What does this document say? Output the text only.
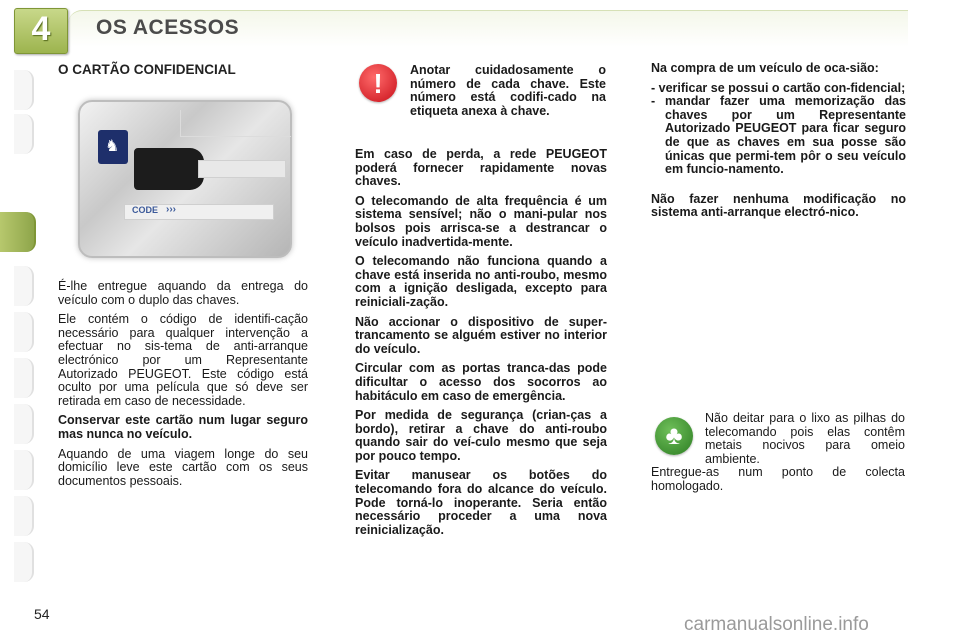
4	OS ACESSOS
O CARTÃO CONFIDENCIAL
♞
CODE ›››

É-lhe entregue aquando da entrega do veículo com o duplo das chaves.

Ele contém o código de identifi-cação necessário para qualquer intervenção a efectuar no sis-tema de anti-arranque electrónico por um Representante Autorizado PEUGEOT. Este código está oculto por uma película que só deve ser retirada em caso de necessidade.

Conservar este cartão num lugar seguro mas nunca no veículo.

Aquando de uma viagem longe do seu domicílio leve este cartão com os seus documentos pessoais.

!	Anotar cuidadosamente o número de cada chave. Este número está codifi-cado na etiqueta anexa à chave.

Em caso de perda, a rede PEUGEOT poderá fornecer rapidamente novas chaves.

O telecomando de alta frequência é um sistema sensível; não o mani-pular nos bolsos pois arrisca-se a destrancar o veículo inadvertida-mente.

O telecomando não funciona quando a chave está inserida no anti-roubo, mesmo com a ignição desligada, excepto para reiniciali-zação.

Não accionar o dispositivo de super-trancamento se alguém estiver no interior do veículo.

Circular com as portas tranca-das pode dificultar o acesso dos socorros ao habitáculo em caso de emergência.

Por medida de segurança (crian-ças a bordo), retirar a chave do anti-roubo quando sair do veí-culo mesmo que seja por pouco tempo.

Evitar manusear os botões do telecomando fora do alcance do veículo. Pode torná-lo inoperante. Seria então necessário proceder a uma nova reinicialização.

Na compra de um veículo de oca-sião:

- verificar se possui o cartão con-fidencial;
- mandar fazer uma memorização das chaves por um Representante Autorizado PEUGEOT para ficar seguro de que as chaves em sua posse são únicas que permi-tem pôr o seu veículo em funcio-namento.

Não fazer nenhuma modificação no sistema anti-arranque electró-nico.

♣
Não deitar para o lixo as pilhas do telecomando pois elas contêm metais nocivos para omeio ambiente.
Entregue-as num ponto de colecta homologado.
54	carmanualsonline.info
